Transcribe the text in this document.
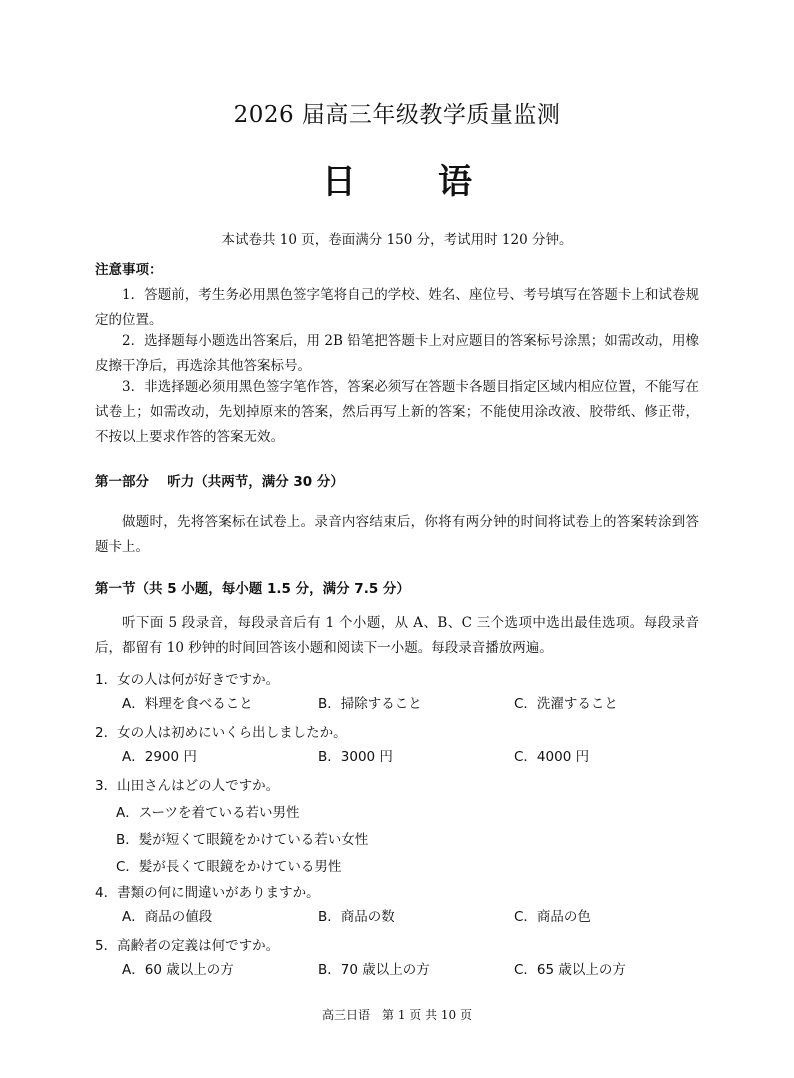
2026 届高三年级教学质量监测
日　语
本试卷共 10 页，卷面满分 150 分，考试用时 120 分钟。
注意事项：
1．答题前，考生务必用黑色签字笔将自己的学校、姓名、座位号、考号填写在答题卡上和试卷规定的位置。
2．选择题每小题选出答案后，用 2B 铅笔把答题卡上对应题目的答案标号涂黑；如需改动，用橡皮擦干净后，再选涂其他答案标号。
3．非选择题必须用黑色签字笔作答，答案必须写在答题卡各题目指定区域内相应位置，不能写在试卷上；如需改动，先划掉原来的答案，然后再写上新的答案；不能使用涂改液、胶带纸、修正带，不按以上要求作答的答案无效。
第一部分　 听力（共两节，满分 30 分）
做题时，先将答案标在试卷上。录音内容结束后，你将有两分钟的时间将试卷上的答案转涂到答题卡上。
第一节（共 5 小题，每小题 1.5 分，满分 7.5 分）
听下面 5 段录音，每段录音后有 1 个小题，从 A、B、C 三个选项中选出最佳选项。每段录音后，都留有 10 秒钟的时间回答该小题和阅读下一小题。每段录音播放两遍。
1．女の人は何が好きですか。
A．料理を食べること	B．掃除すること	C．洗濯すること
2．女の人は初めにいくら出しましたか。
A．2900 円	B．3000 円	C．4000 円
3．山田さんはどの人ですか。
A．スーツを着ている若い男性
B．髪が短くて眼鏡をかけている若い女性
C．髪が長くて眼鏡をかけている男性
4．書類の何に間違いがありますか。
A．商品の値段	B．商品の数	C．商品の色
5．高齢者の定義は何ですか。
A．60 歳以上の方	B．70 歳以上の方	C．65 歳以上の方
高三日语　第 1 页 共 10 页
